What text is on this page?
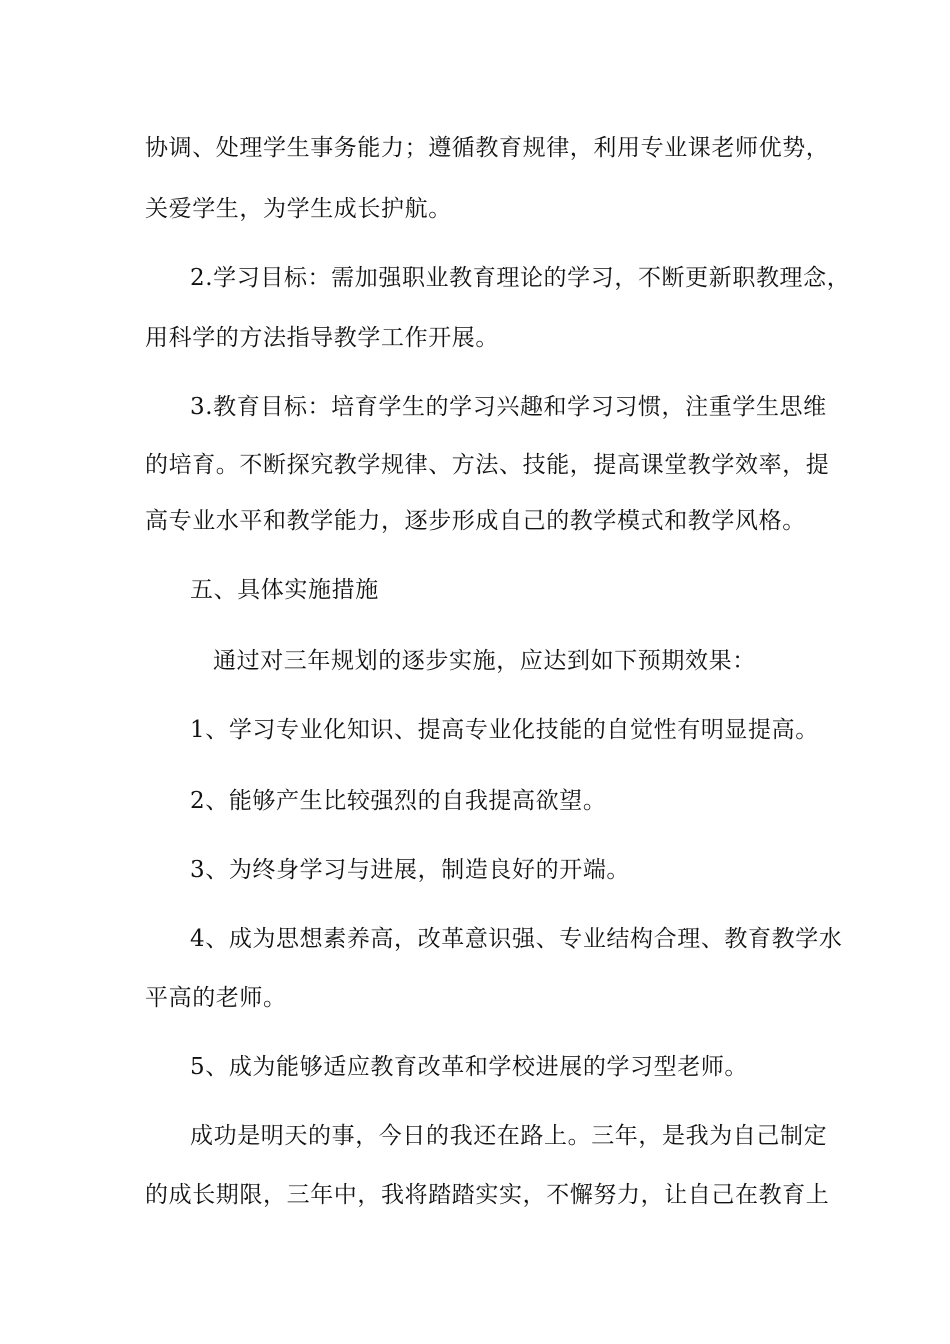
协调、处理学生事务能力；遵循教育规律，利用专业课老师优势，
关爱学生，为学生成长护航。
2.学习目标：需加强职业教育理论的学习，不断更新职教理念，
用科学的方法指导教学工作开展。
3.教育目标：培育学生的学习兴趣和学习习惯，注重学生思维
的培育。不断探究教学规律、方法、技能，提高课堂教学效率，提
高专业水平和教学能力，逐步形成自己的教学模式和教学风格。
五、具体实施措施
通过对三年规划的逐步实施，应达到如下预期效果：
1、学习专业化知识、提高专业化技能的自觉性有明显提高。
2、能够产生比较强烈的自我提高欲望。
3、为终身学习与进展，制造良好的开端。
4、成为思想素养高，改革意识强、专业结构合理、教育教学水
平高的老师。
5、成为能够适应教育改革和学校进展的学习型老师。
成功是明天的事，今日的我还在路上。三年，是我为自己制定
的成长期限，三年中，我将踏踏实实，不懈努力，让自己在教育上
